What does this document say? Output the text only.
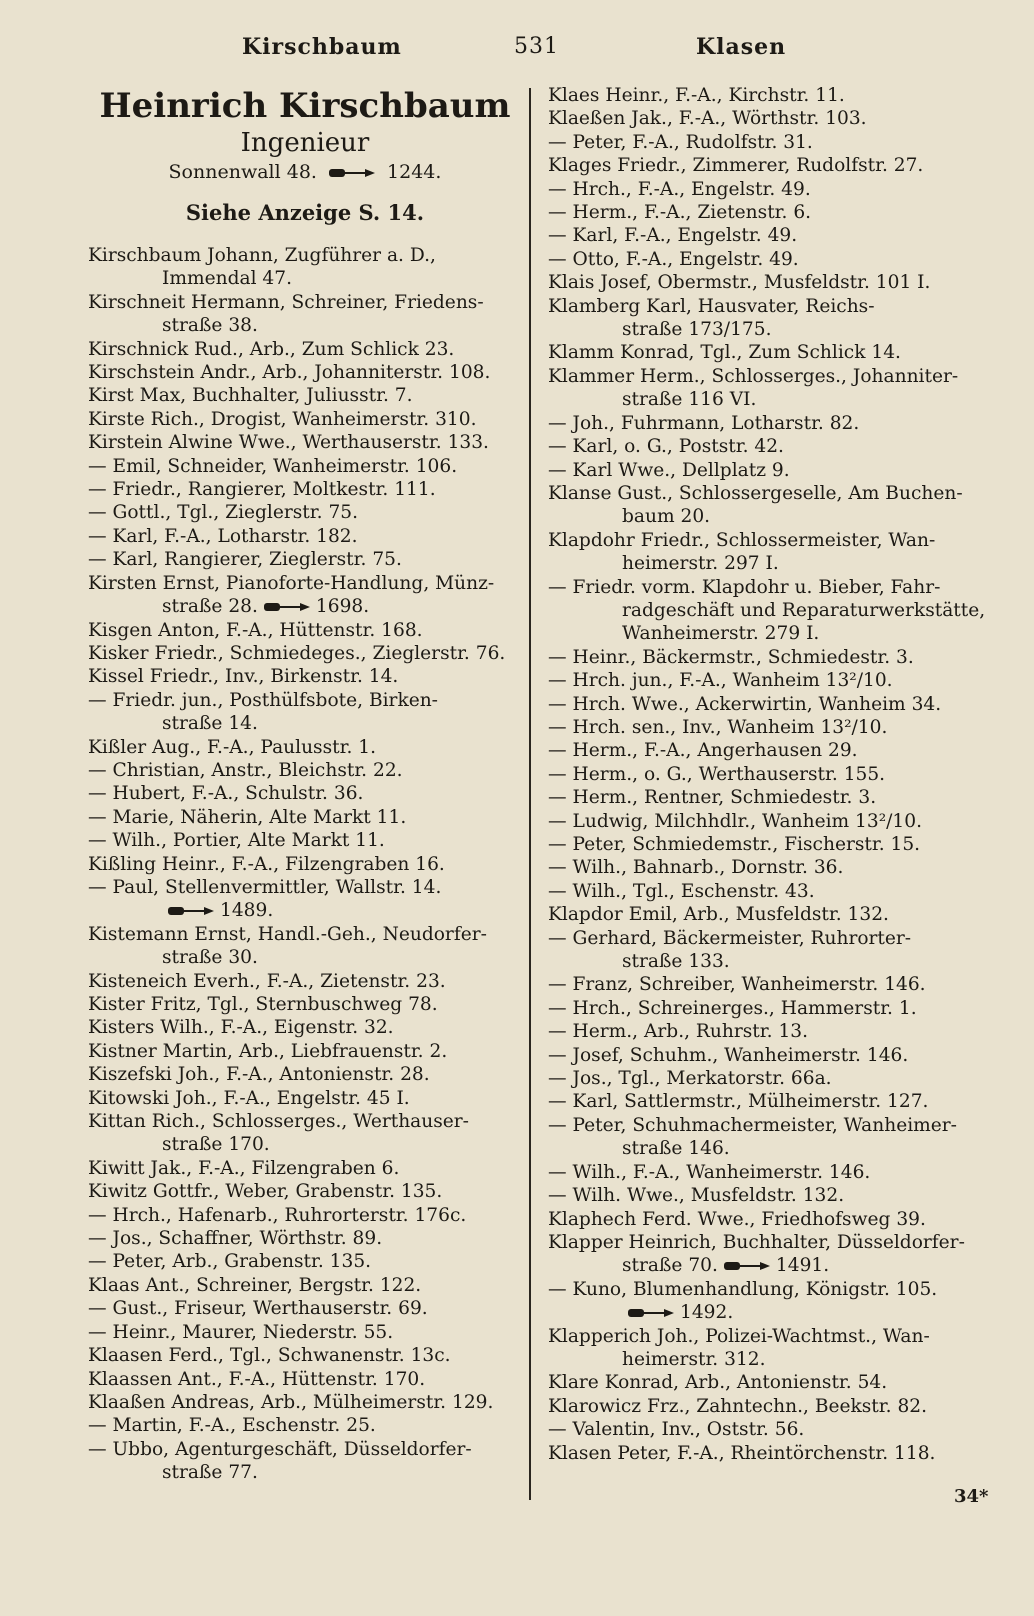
Kirschbaum	531	Klasen
Heinrich Kirschbaum
Ingenieur
Sonnenwall 48.	1244.
Siehe Anzeige S. 14.
Kirschbaum Johann, Zugführer a. D.,
Immendal 47.
Kirschneit Hermann, Schreiner, Friedens-
straße 38.
Kirschnick Rud., Arb., Zum Schlick 23.
Kirschstein Andr., Arb., Johanniterstr. 108.
Kirst Max, Buchhalter, Juliusstr. 7.
Kirste Rich., Drogist, Wanheimerstr. 310.
Kirstein Alwine Wwe., Werthauserstr. 133.
— Emil, Schneider, Wanheimerstr. 106.
— Friedr., Rangierer, Moltkestr. 111.
— Gottl., Tgl., Zieglerstr. 75.
— Karl, F.-A., Lotharstr. 182.
— Karl, Rangierer, Zieglerstr. 75.
Kirsten Ernst, Pianoforte-Handlung, Münz-
straße 28.	1698.
Kisgen Anton, F.-A., Hüttenstr. 168.
Kisker Friedr., Schmiedeges., Zieglerstr. 76.
Kissel Friedr., Inv., Birkenstr. 14.
— Friedr. jun., Posthülfsbote, Birken-
straße 14.
Kißler Aug., F.-A., Paulusstr. 1.
— Christian, Anstr., Bleichstr. 22.
— Hubert, F.-A., Schulstr. 36.
— Marie, Näherin, Alte Markt 11.
— Wilh., Portier, Alte Markt 11.
Kißling Heinr., F.-A., Filzengraben 16.
— Paul, Stellenvermittler, Wallstr. 14.
1489.
Kistemann Ernst, Handl.-Geh., Neudorfer-
straße 30.
Kisteneich Everh., F.-A., Zietenstr. 23.
Kister Fritz, Tgl., Sternbuschweg 78.
Kisters Wilh., F.-A., Eigenstr. 32.
Kistner Martin, Arb., Liebfrauenstr. 2.
Kiszefski Joh., F.-A., Antonienstr. 28.
Kitowski Joh., F.-A., Engelstr. 45 I.
Kittan Rich., Schlosserges., Werthauser-
straße 170.
Kiwitt Jak., F.-A., Filzengraben 6.
Kiwitz Gottfr., Weber, Grabenstr. 135.
— Hrch., Hafenarb., Ruhrorterstr. 176c.
— Jos., Schaffner, Wörthstr. 89.
— Peter, Arb., Grabenstr. 135.
Klaas Ant., Schreiner, Bergstr. 122.
— Gust., Friseur, Werthauserstr. 69.
— Heinr., Maurer, Niederstr. 55.
Klaasen Ferd., Tgl., Schwanenstr. 13c.
Klaassen Ant., F.-A., Hüttenstr. 170.
Klaaßen Andreas, Arb., Mülheimerstr. 129.
— Martin, F.-A., Eschenstr. 25.
— Ubbo, Agenturgeschäft, Düsseldorfer-
straße 77.
Klaes Heinr., F.-A., Kirchstr. 11.
Klaeßen Jak., F.-A., Wörthstr. 103.
— Peter, F.-A., Rudolfstr. 31.
Klages Friedr., Zimmerer, Rudolfstr. 27.
— Hrch., F.-A., Engelstr. 49.
— Herm., F.-A., Zietenstr. 6.
— Karl, F.-A., Engelstr. 49.
— Otto, F.-A., Engelstr. 49.
Klais Josef, Obermstr., Musfeldstr. 101 I.
Klamberg Karl, Hausvater, Reichs-
straße 173/175.
Klamm Konrad, Tgl., Zum Schlick 14.
Klammer Herm., Schlosserges., Johanniter-
straße 116 VI.
— Joh., Fuhrmann, Lotharstr. 82.
— Karl, o. G., Poststr. 42.
— Karl Wwe., Dellplatz 9.
Klanse Gust., Schlossergeselle, Am Buchen-
baum 20.
Klapdohr Friedr., Schlossermeister, Wan-
heimerstr. 297 I.
— Friedr. vorm. Klapdohr u. Bieber, Fahr-
radgeschäft und Reparaturwerkstätte,
Wanheimerstr. 279 I.
— Heinr., Bäckermstr., Schmiedestr. 3.
— Hrch. jun., F.-A., Wanheim 13²/10.
— Hrch. Wwe., Ackerwirtin, Wanheim 34.
— Hrch. sen., Inv., Wanheim 13²/10.
— Herm., F.-A., Angerhausen 29.
— Herm., o. G., Werthauserstr. 155.
— Herm., Rentner, Schmiedestr. 3.
— Ludwig, Milchhdlr., Wanheim 13²/10.
— Peter, Schmiedemstr., Fischerstr. 15.
— Wilh., Bahnarb., Dornstr. 36.
— Wilh., Tgl., Eschenstr. 43.
Klapdor Emil, Arb., Musfeldstr. 132.
— Gerhard, Bäckermeister, Ruhrorter-
straße 133.
— Franz, Schreiber, Wanheimerstr. 146.
— Hrch., Schreinerges., Hammerstr. 1.
— Herm., Arb., Ruhrstr. 13.
— Josef, Schuhm., Wanheimerstr. 146.
— Jos., Tgl., Merkatorstr. 66a.
— Karl, Sattlermstr., Mülheimerstr. 127.
— Peter, Schuhmachermeister, Wanheimer-
straße 146.
— Wilh., F.-A., Wanheimerstr. 146.
— Wilh. Wwe., Musfeldstr. 132.
Klaphech Ferd. Wwe., Friedhofsweg 39.
Klapper Heinrich, Buchhalter, Düsseldorfer-
straße 70.	1491.
— Kuno, Blumenhandlung, Königstr. 105.
1492.
Klapperich Joh., Polizei-Wachtmst., Wan-
heimerstr. 312.
Klare Konrad, Arb., Antonienstr. 54.
Klarowicz Frz., Zahntechn., Beekstr. 82.
— Valentin, Inv., Oststr. 56.
Klasen Peter, F.-A., Rheintörchenstr. 118.
34*
